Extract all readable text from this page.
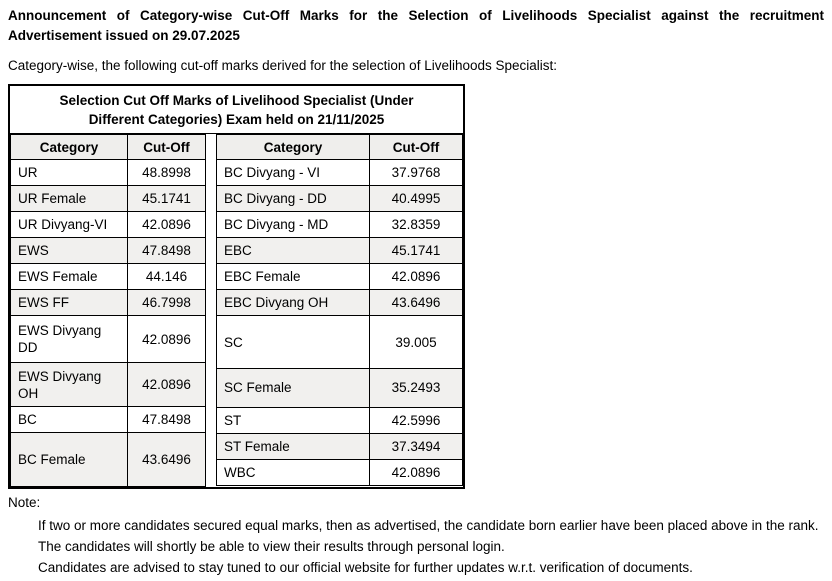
Announcement of Category-wise Cut-Off Marks for the Selection of Livelihoods Specialist against the recruitment Advertisement issued on 29.07.2025

Category-wise, the following cut-off marks derived for the selection of Livelihoods Specialist:

Selection Cut Off Marks of Livelihood Specialist (Under Different Categories) Exam held on 21/11/2025
Category	Cut-Off
UR	48.8998
UR Female	45.1741
UR Divyang-VI	42.0896
EWS	47.8498
EWS Female	44.146
EWS FF	46.7998
EWS Divyang DD	42.0896
EWS Divyang OH	42.0896
BC	47.8498
BC Female	43.6496
Category	Cut-Off
BC Divyang - VI	37.9768
BC Divyang - DD	40.4995
BC Divyang - MD	32.8359
EBC	45.1741
EBC Female	42.0896
EBC Divyang OH	43.6496
SC	39.005
SC Female	35.2493
ST	42.5996
ST Female	37.3494
WBC	42.0896

Note:

If two or more candidates secured equal marks, then as advertised, the candidate born earlier have been placed above in the rank.

The candidates will shortly be able to view their results through personal login.

Candidates are advised to stay tuned to our official website for further updates w.r.t. verification of documents.
